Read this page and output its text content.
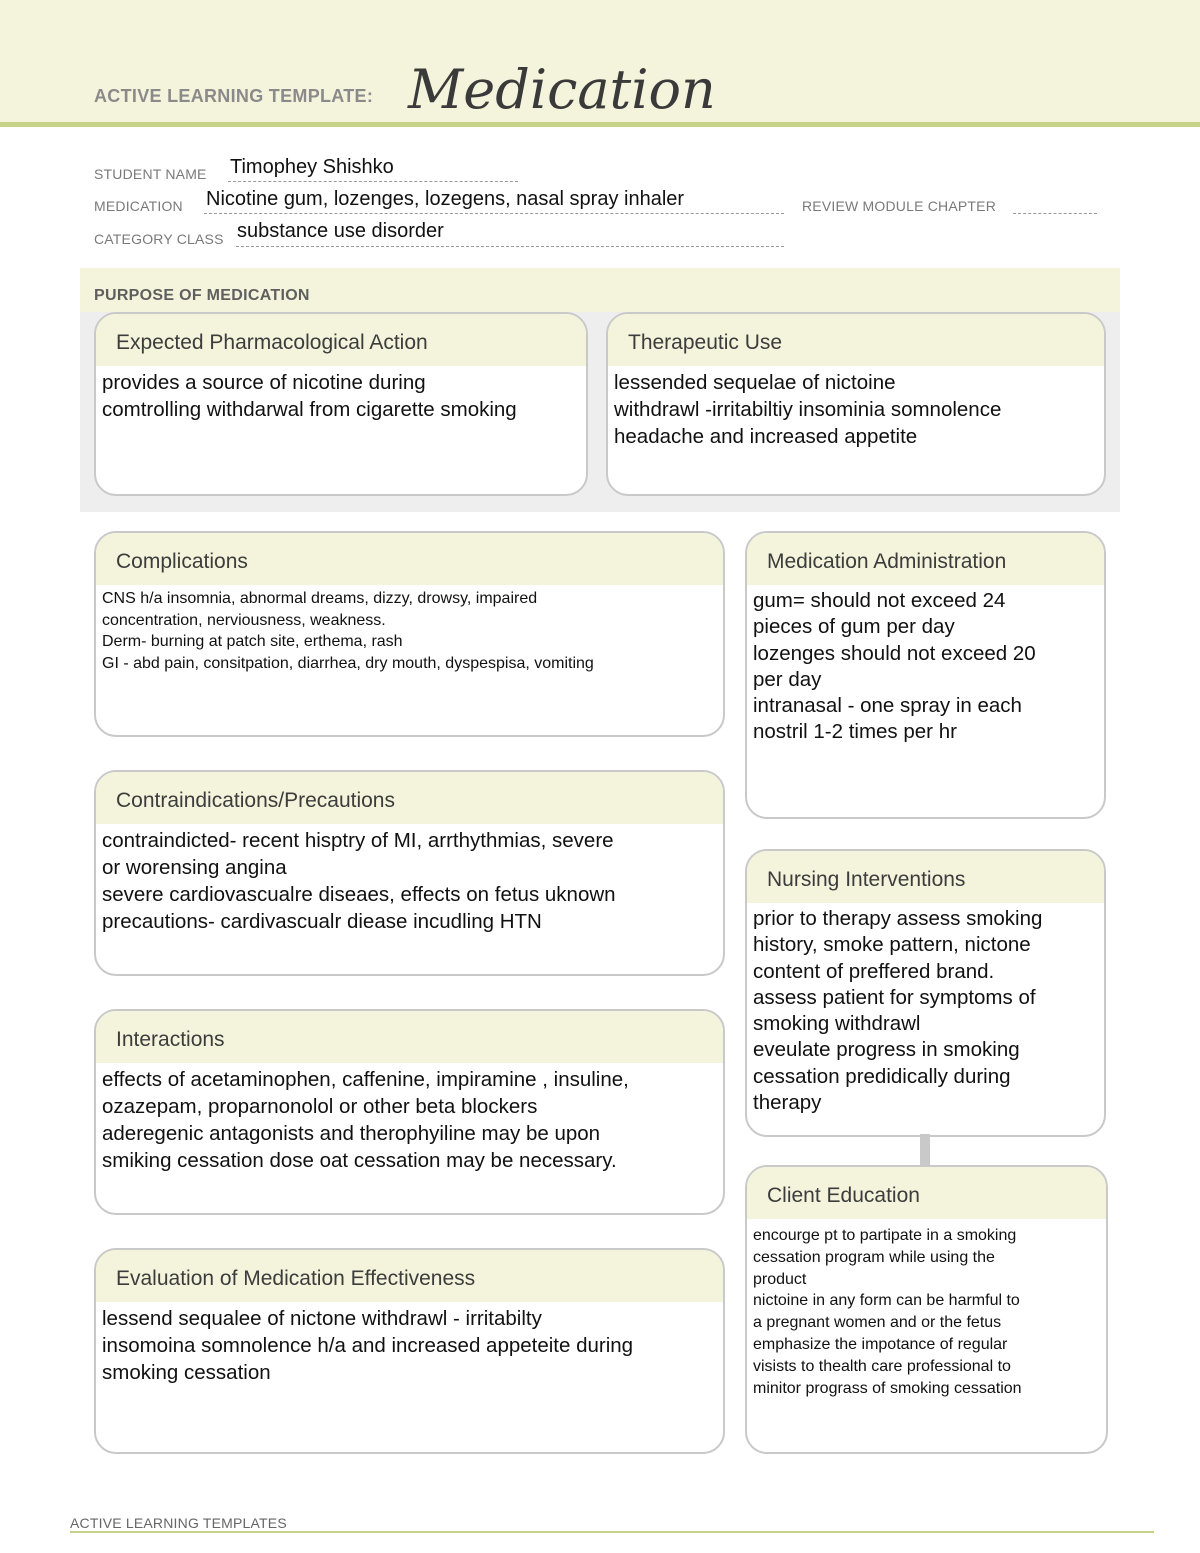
ACTIVE LEARNING TEMPLATE: Medication
STUDENT NAME Timophey Shishko
MEDICATION Nicotine gum, lozenges, lozegens, nasal spray inhaler	REVIEW MODULE CHAPTER
CATEGORY CLASS substance use disorder
PURPOSE OF MEDICATION
Expected Pharmacological Action
provides a source of nicotine during
comtrolling withdarwal from cigarette smoking
Therapeutic Use
lessended sequelae of nictoine
withdrawl -irritabiltiy insominia somnolence
headache and increased appetite
Complications
CNS h/a insomnia, abnormal dreams, dizzy, drowsy, impaired
concentration, nerviousness, weakness.
Derm- burning at patch site, erthema, rash
GI - abd pain, consitpation, diarrhea, dry mouth, dyspespisa, vomiting
Medication Administration
gum= should not exceed 24
pieces of gum per day
lozenges should not exceed 20
per day
intranasal - one spray in each
nostril 1-2 times per hr
Contraindications/Precautions
contraindicted- recent hisptry of MI, arrthythmias, severe
or worensing angina
severe cardiovascualre diseaes, effects on fetus uknown
precautions- cardivascualr diease incudling HTN
Nursing Interventions
prior to therapy assess smoking
history, smoke pattern, nictone
content of preffered brand.
assess patient for symptoms of
smoking withdrawl
eveulate progress in smoking
cessation predidically during
therapy
Interactions
effects of acetaminophen, caffenine, impiramine , insuline,
ozazepam, proparnonolol or other beta blockers
aderegenic antagonists and therophyiline may be upon
smiking cessation dose oat cessation may be necessary.
Client Education
encourge pt to partipate in a smoking
cessation program while using the
product
nictoine in any form can be harmful to
a pregnant women and or the fetus
emphasize the impotance of regular
visists to thealth care professional to
minitor prograss of smoking cessation
Evaluation of Medication Effectiveness
lessend sequalee of nictone withdrawl - irritabilty
insomoina somnolence h/a and increased appeteite during
smoking cessation
ACTIVE LEARNING TEMPLATES
